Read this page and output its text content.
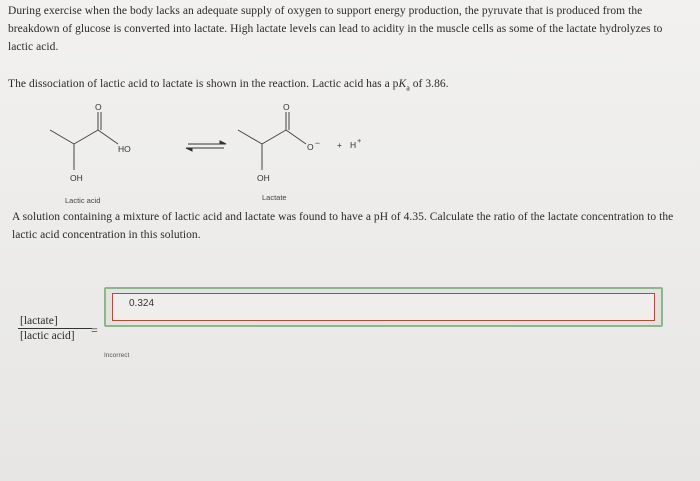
During exercise when the body lacks an adequate supply of oxygen to support energy production, the pyruvate that is produced from the breakdown of glucose is converted into lactate. High lactate levels can lead to acidity in the muscle cells as some of the lactate hydrolyzes to lactic acid.
The dissociation of lactic acid to lactate is shown in the reaction. Lactic acid has a $pK_a$ of 3.86.
O
HO
OH
Lactic acid
O
O −
OH
Lactate
+ H +
A solution containing a mixture of lactic acid and lactate was found to have a pH of 4.35. Calculate the ratio of the lactate concentration to the lactic acid concentration in this solution.
[lactate]
[lactic acid]	=
0.324
Incorrect
